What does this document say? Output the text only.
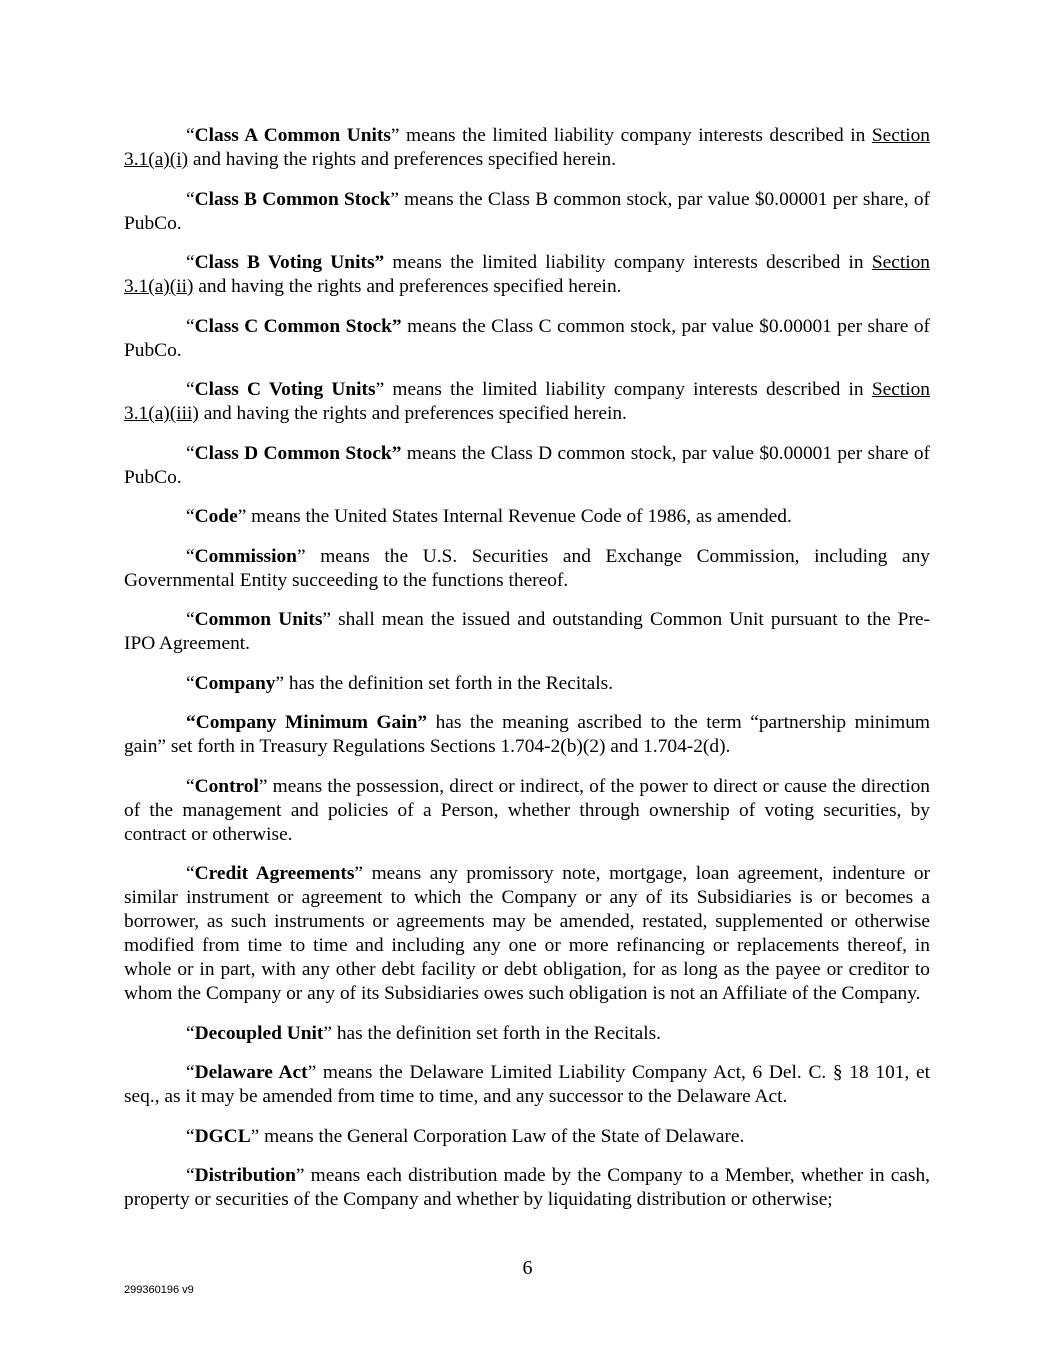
“Class A Common Units” means the limited liability company interests described in Section 3.1(a)(i) and having the rights and preferences specified herein.

“Class B Common Stock” means the Class B common stock, par value $0.00001 per share, of PubCo.

“Class B Voting Units” means the limited liability company interests described in Section 3.1(a)(ii) and having the rights and preferences specified herein.

“Class C Common Stock” means the Class C common stock, par value $0.00001 per share of PubCo.

“Class C Voting Units” means the limited liability company interests described in Section 3.1(a)(iii) and having the rights and preferences specified herein.

“Class D Common Stock” means the Class D common stock, par value $0.00001 per share of PubCo.

“Code” means the United States Internal Revenue Code of 1986, as amended.

“Commission” means the U.S. Securities and Exchange Commission, including any Governmental Entity succeeding to the functions thereof.

“Common Units” shall mean the issued and outstanding Common Unit pursuant to the Pre-IPO Agreement.

“Company” has the definition set forth in the Recitals.

“Company Minimum Gain” has the meaning ascribed to the term “partnership minimum gain” set forth in Treasury Regulations Sections 1.704-2(b)(2) and 1.704-2(d).

“Control” means the possession, direct or indirect, of the power to direct or cause the direction of the management and policies of a Person, whether through ownership of voting securities, by contract or otherwise.

“Credit Agreements” means any promissory note, mortgage, loan agreement, indenture or similar instrument or agreement to which the Company or any of its Subsidiaries is or becomes a borrower, as such instruments or agreements may be amended, restated, supplemented or otherwise modified from time to time and including any one or more refinancing or replacements thereof, in whole or in part, with any other debt facility or debt obligation, for as long as the payee or creditor to whom the Company or any of its Subsidiaries owes such obligation is not an Affiliate of the Company.

“Decoupled Unit” has the definition set forth in the Recitals.

“Delaware Act” means the Delaware Limited Liability Company Act, 6 Del. C. § 18 101, et seq., as it may be amended from time to time, and any successor to the Delaware Act.

“DGCL” means the General Corporation Law of the State of Delaware.

“Distribution” means each distribution made by the Company to a Member, whether in cash, property or securities of the Company and whether by liquidating distribution or otherwise;

6
299360196 v9
